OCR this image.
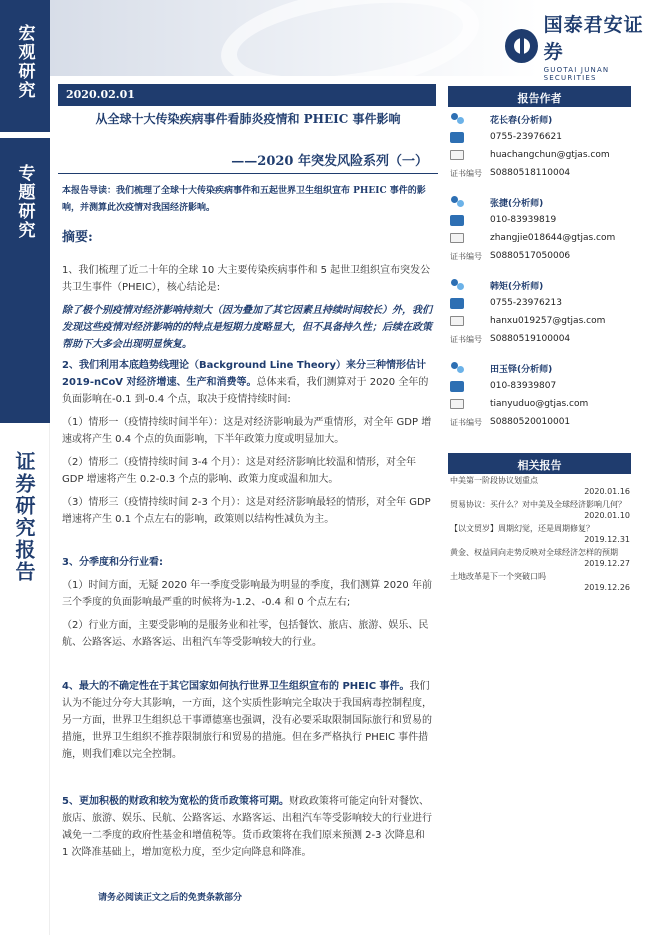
宏观研究
专题研究
证券研究报告
国泰君安证券
GUOTAI JUNAN SECURITIES
2020.02.01
从全球十大传染疾病事件看肺炎疫情和 PHEIC 事件影响
——2020 年突发风险系列（一）
本报告导读：我们梳理了全球十大传染疾病事件和五起世界卫生组织宣布 PHEIC 事件的影响，并测算此次疫情对我国经济影响。
摘要:

1、我们梳理了近二十年的全球 10 大主要传染疾病事件和 5 起世卫组织宣布突发公共卫生事件（PHEIC），核心结论是:

除了极个别疫情对经济影响持刻大（因为叠加了其它因素且持续时间较长）外，我们发现这些疫情对经济影响的的特点是短期力度略显大，但不具备持久性；后续在政策帮助下大多会出现明显恢复。

2、我们利用本底趋势线理论（Background Line Theory）来分三种情形估计 2019-nCoV 对经济增速、生产和消费等。总体来看，我们测算对于 2020 全年的负面影响在-0.1 到-0.4 个点，取决于疫情持续时间:

（1）情形一（疫情持续时间半年）：这是对经济影响最为严重情形，对全年 GDP 增速或将产生 0.4 个点的负面影响，下半年政策力度或明显加大。

（2）情形二（疫情持续时间 3-4 个月）：这是对经济影响比较温和情形，对全年 GDP 增速将产生 0.2-0.3 个点的影响、政策力度或温和加大。

（3）情形三（疫情持续时间 2-3 个月）：这是对经济影响最轻的情形，对全年 GDP 增速将产生 0.1 个点左右的影响，政策则以结构性减负为主。

3、分季度和分行业看:

（1）时间方面，无疑 2020 年一季度受影响最为明显的季度，我们测算 2020 年前三个季度的负面影响最严重的时候将为-1.2、-0.4 和 0 个点左右;

（2）行业方面，主要受影响的是服务业和社零，包括餐饮、旅店、旅游、娱乐、民航、公路客运、水路客运、出租汽车等受影响较大的行业。

4、最大的不确定性在于其它国家如何执行世界卫生组织宣布的 PHEIC 事件。我们认为不能过分夸大其影响，一方面，这个实质性影响完全取决于我国病毒控制程度，另一方面，世界卫生组织总干事谭德塞也强调，没有必要采取限制国际旅行和贸易的措施，世界卫生组织不推荐限制旅行和贸易的措施。但在多严格执行 PHEIC 事件措施，则我们难以完全控制。

5、更加积极的财政和较为宽松的货币政策将可期。财政政策将可能定向针对餐饮、旅店、旅游、娱乐、民航、公路客运、水路客运、出租汽车等受影响较大的行业进行减免一二季度的政府性基金和增值税等。货币政策将在我们原来预测 2-3 次降息和 1 次降准基础上，增加宽松力度，至少定向降息和降准。

请务必阅读正文之后的免责条款部分
报告作者
花长春(分析师)
0755-23976621
huachangchun@gtjas.com
证书编号 S0880518110004
张捷(分析师)
010-83939819
zhangjie018644@gtjas.com
证书编号 S0880517050006
韩矩(分析师)
0755-23976213
hanxu019257@gtjas.com
证书编号 S0880519100004
田玉铎(分析师)
010-83939807
tianyuduo@gtjas.com
证书编号 S0880520010001
相关报告
中美第一阶段协议划重点
2020.01.16
贸易协议：买什么？对中美及全球经济影响几何？
2020.01.10
【以文贸岁】周期幻觉，还是周期修复？
2019.12.31
黄金、权益同向走势反映对全球经济怎样的预期
2019.12.27
土地改革是下一个突破口吗
2019.12.26
